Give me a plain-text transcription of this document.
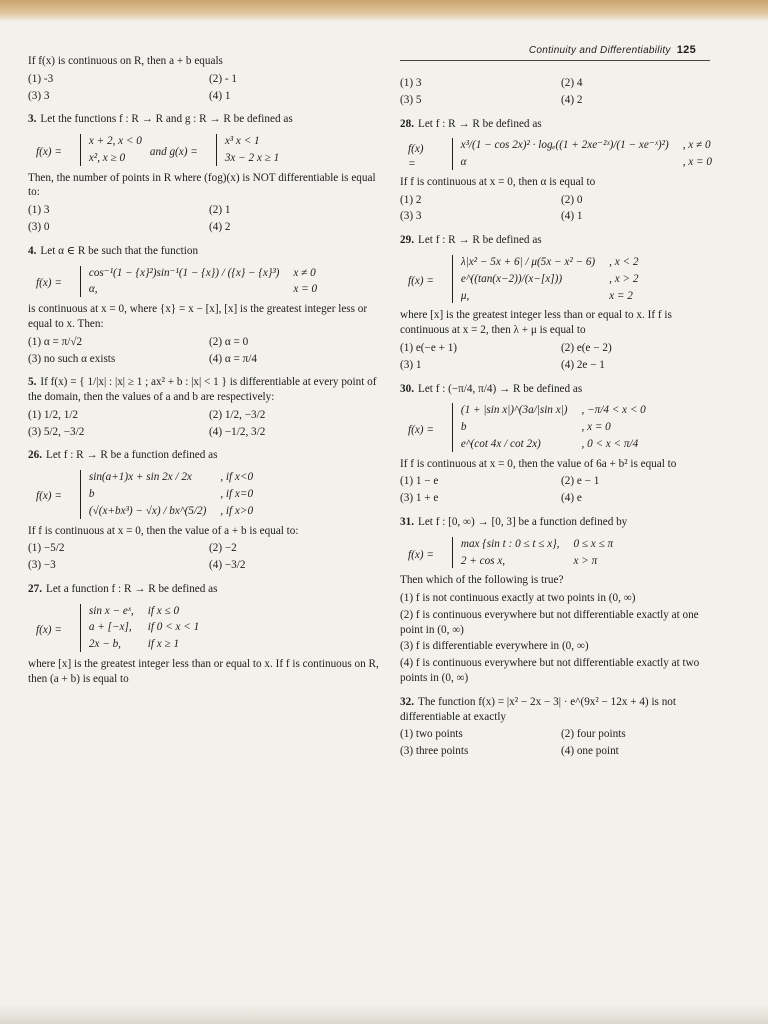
Continuity and Differentiability 125
If f(x) is continuous on R, then a + b equals
(1) -3	(2) - 1
(3) 3	(4) 1
3. Let the functions f : R → R and g : R → R be defined as
f(x) =
x + 2, x < 0
x², x ≥ 0	and g(x) =
x³ x < 1
3x − 2 x ≥ 1
Then, the number of points in R where (fog)(x) is NOT differentiable is equal to:
(1) 3	(2) 1
(3) 0	(4) 2
4. Let α ∈ R be such that the function
f(x) =
cos⁻¹(1 − {x}²)sin⁻¹(1 − {x}) / ({x} − {x}³) x ≠ 0
α,	x = 0
is continuous at x = 0, where {x} = x − [x], [x] is the greatest integer less or equal to x. Then:
(1) α = π/√2	(2) α = 0
(3) no such α exists	(4) α = π/4
5. If f(x) = { 1/|x| : |x| ≥ 1 ; ax² + b : |x| < 1 } is differentiable at every point of the domain, then the values of a and b are respectively:
(1) 1/2, 1/2	(2) 1/2, −3/2
(3) 5/2, −3/2	(4) −1/2, 3/2
26. Let f : R → R be a function defined as
f(x) =
sin(a+1)x + sin 2x / 2x	, if x<0
b	, if x=0
(√(x+bx³) − √x) / bx^(5/2) , if x>0
If f is continuous at x = 0, then the value of a + b is equal to:
(1) −5/2	(2) −2
(3) −3	(4) −3/2
27. Let a function f : R → R be defined as
f(x) =
sin x − eˣ, if x ≤ 0
a + [−x], if 0 < x < 1
2x − b,	if x ≥ 1
where [x] is the greatest integer less than or equal to x. If f is continuous on R, then (a + b) is equal to
(1) 3	(2) 4
(3) 5	(4) 2
28. Let f : R → R be defined as
f(x) =
x³/(1 − cos 2x)² · logₑ((1 + 2xe⁻²ˣ)/(1 − xe⁻ˣ)²) , x ≠ 0
α	, x = 0
If f is continuous at x = 0, then α is equal to
(1) 2	(2) 0
(3) 3	(4) 1
29. Let f : R → R be defined as
f(x) =
λ|x² − 5x + 6| / μ(5x − x² − 6) , x < 2
e^((tan(x−2))/(x−[x]))	, x > 2
μ,	x = 2
where [x] is the greatest integer less than or equal to x. If f is continuous at x = 2, then λ + μ is equal to
(1) e(−e + 1)	(2) e(e − 2)
(3) 1	(4) 2e − 1
30. Let f : (−π/4, π/4) → R be defined as
f(x) =
(1 + |sin x|)^(3a/|sin x|) , −π/4 < x < 0
b	, x = 0
e^(cot 4x / cot 2x)	, 0 < x < π/4
If f is continuous at x = 0, then the value of 6a + b² is equal to
(1) 1 − e	(2) e − 1
(3) 1 + e	(4) e
31. Let f : [0, ∞) → [0, 3] be a function defined by
f(x) =
max {sin t : 0 ≤ t ≤ x}, 0 ≤ x ≤ π
2 + cos x,	x > π
Then which of the following is true?
(1) f is not continuous exactly at two points in (0, ∞)
(2) f is continuous everywhere but not differentiable exactly at one point in (0, ∞)
(3) f is differentiable everywhere in (0, ∞)
(4) f is continuous everywhere but not differentiable exactly at two points in (0, ∞)
32. The function f(x) = |x² − 2x − 3| · e^(9x² − 12x + 4) is not differentiable at exactly
(1) two points	(2) four points
(3) three points	(4) one point
